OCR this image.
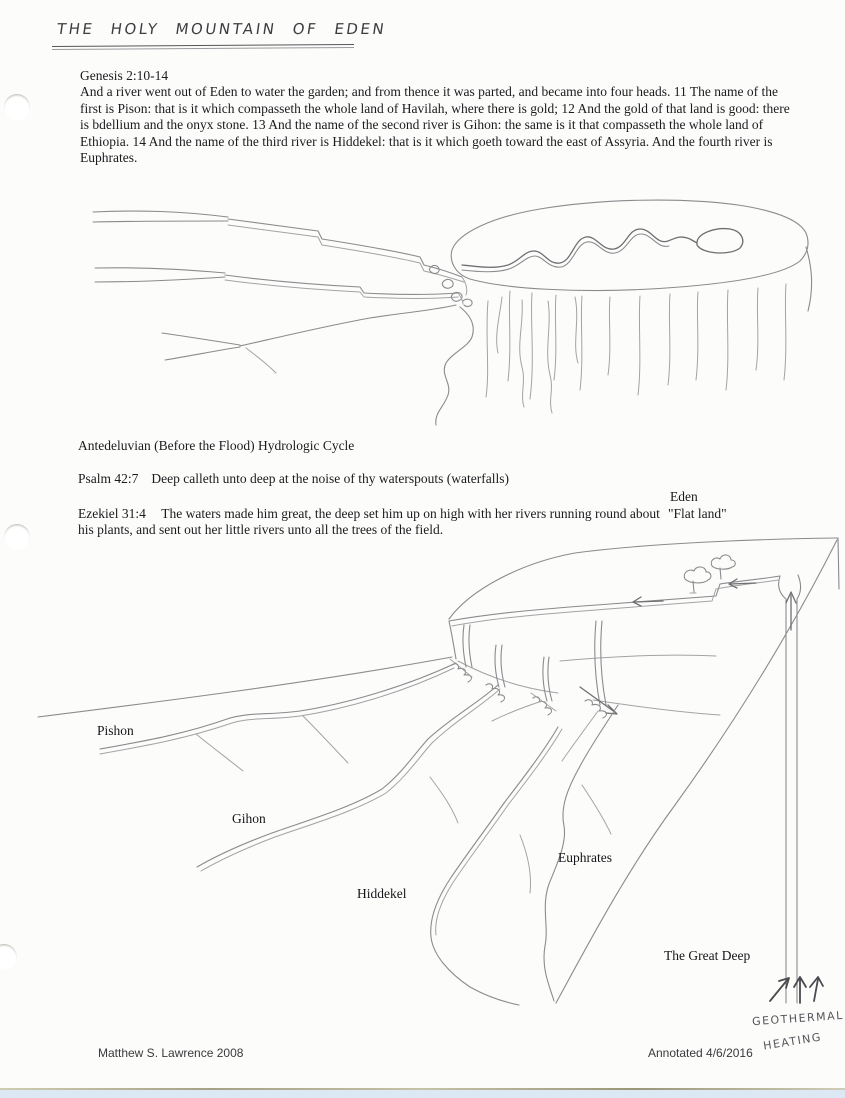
THE HOLY MOUNTAIN OF EDEN
Genesis 2:10-14
And a river went out of Eden to water the garden; and from thence it was parted, and became into four heads. 11 The name of the first is Pison: that is it which compasseth the whole land of Havilah, where there is gold; 12 And the gold of that land is good: there is bdellium and the onyx stone. 13 And the name of the second river is Gihon: the same is it that compasseth the whole land of Ethiopia. 14 And the name of the third river is Hiddekel: that is it which goeth toward the east of Assyria. And the fourth river is Euphrates.
Antedeluvian (Before the Flood) Hydrologic Cycle
Psalm 42:7 Deep calleth unto deep at the noise of thy waterspouts (waterfalls)
Eden
"Flat land"
Ezekiel 31:4 The waters made him great, the deep set him up on high with her rivers running round about his plants, and sent out her little rivers unto all the trees of the field.
Pishon
Gihon
Hiddekel
Euphrates
The Great Deep
GEOTHERMAL
HEATING
Matthew S. Lawrence 2008	Annotated 4/6/2016
